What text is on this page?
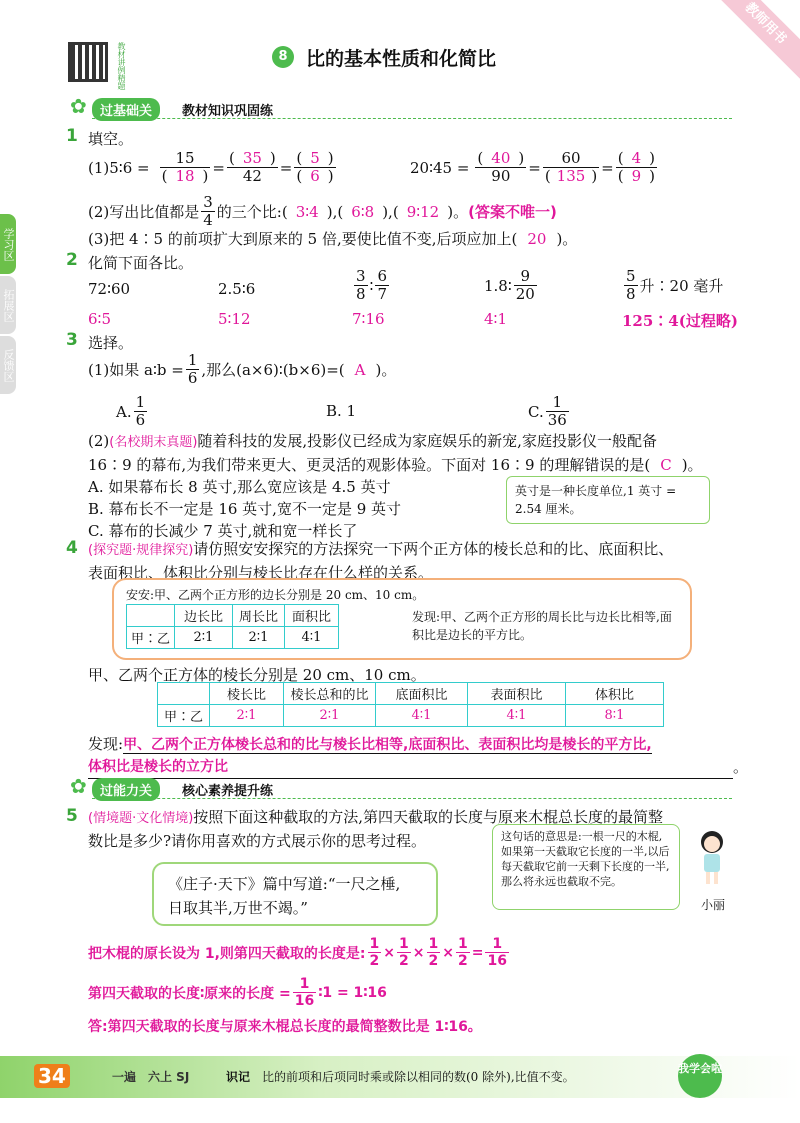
教师用书
教材讲例精题	8 比的基本性质和化简比
学习区
拓展区
反馈区
✿	过基础关	教材知识巩固练
1 填空。
(1)5∶6 = $\frac{15}{( 18 )} = \frac{( 35 )}{42} = \frac{( 5 )}{( 6 )}$	20∶45 = $\frac{( 40 )}{90} = \frac{60}{( 135 )} = \frac{( 4 )}{( 9 )}$
(2)写出比值都是 $\frac{3}{4}$ 的三个比: ( 3∶4 ),( 6∶8 ),( 9∶12 )。 (答案不唯一)
(3)把 4∶5 的前项扩大到原来的 5 倍,要使比值不变,后项应加上( 20 )。
2 化简下面各比。
72∶60	2.5∶6	$\frac{3}{8}$ ∶ $\frac{6}{7}$	1.8∶ $\frac{9}{20}$	$\frac{5}{8}$ 升∶20 毫升
6∶5	5∶12	7∶16	4∶1	125∶4(过程略)
3 选择。
(1)如果 a∶b = $\frac{1}{6}$ ,那么(a×6)∶(b×6)=( A )。
A. $\frac{1}{6}$	B. 1	C. $\frac{1}{36}$
(2)(名校期末真题)随着科技的发展,投影仪已经成为家庭娱乐的新宠,家庭投影仪一般配备
16∶9 的幕布,为我们带来更大、更灵活的观影体验。下面对 16∶9 的理解错误的是( C )。
A. 如果幕布长 8 英寸,那么宽应该是 4.5 英寸
B. 幕布长不一定是 16 英寸,宽不一定是 9 英寸
C. 幕布的长减少 7 英寸,就和宽一样长了
英寸是一种长度单位,1 英寸 = 2.54 厘米。
4 (探究题·规律探究)请仿照安安探究的方法探究一下两个正方体的棱长总和的比、底面积比、
表面积比、体积比分别与棱长比存在什么样的关系。
安安:甲、乙两个正方形的边长分别是 20 cm、10 cm。
	边长比	周长比	面积比
甲∶乙	2∶1	2∶1	4∶1
发现:甲、乙两个正方形的周长比与边长比相等,面积比是边长的平方比。
甲、乙两个正方体的棱长分别是 20 cm、10 cm。
	棱长比	棱长总和的比	底面积比	表面积比	体积比
甲∶乙	2∶1	2∶1	4∶1	4∶1	8∶1
发现:甲、乙两个正方体棱长总和的比与棱长比相等,底面积比、表面积比均是棱长的平方比,
体积比是棱长的立方比	。
✿	过能力关	核心素养提升练
5 (情境题·文化情境)按照下面这种截取的方法,第四天截取的长度与原来木棍总长度的最简整
数比是多少?请你用喜欢的方式展示你的思考过程。
《庄子·天下》篇中写道:“一尺之棰,
日取其半,万世不竭。”
这句话的意思是:一根一尺的木棍,如果第一天截取它长度的一半,以后每天截取它前一天剩下长度的一半,那么将永远也截取不完。
小丽
把木棍的原长设为 1,则第四天截取的长度是: $\frac{1}{2} \times \frac{1}{2} \times \frac{1}{2} \times \frac{1}{2} = \frac{1}{16}$
第四天截取的长度∶原来的长度 = $\frac{1}{16}$ ∶1 = 1∶16
答:第四天截取的长度与原来木棍总长度的最简整数比是 1∶16。
34	一遍 六上 SJ	识记 比的前项和后项同时乘或除以相同的数(0 除外),比值不变。
我学会啦
